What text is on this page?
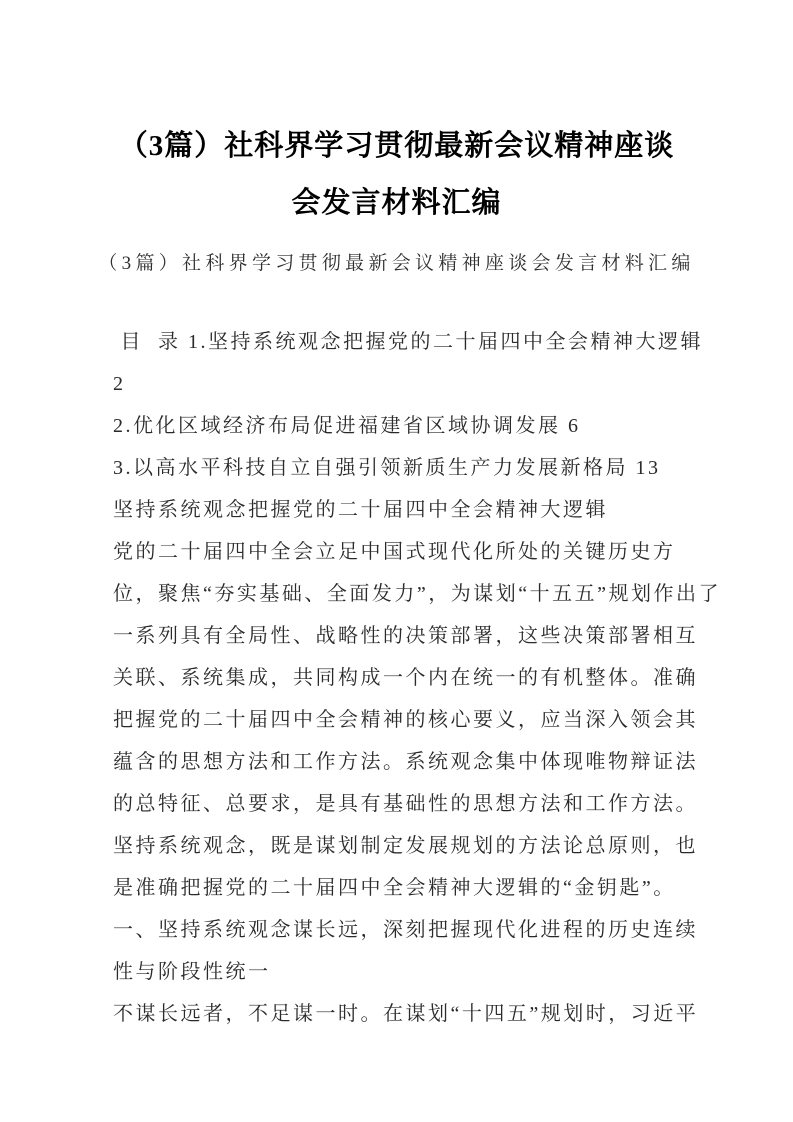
（3篇）社科界学习贯彻最新会议精神座谈
会发言材料汇编
（3篇）社科界学习贯彻最新会议精神座谈会发言材料汇编
目  录 1.坚持系统观念把握党的二十届四中全会精神大逻辑
2
2.优化区域经济布局促进福建省区域协调发展 6
3.以高水平科技自立自强引领新质生产力发展新格局 13
坚持系统观念把握党的二十届四中全会精神大逻辑
党的二十届四中全会立足中国式现代化所处的关键历史方
位，聚焦“夯实基础、全面发力”，为谋划“十五五”规划作出了
一系列具有全局性、战略性的决策部署，这些决策部署相互
关联、系统集成，共同构成一个内在统一的有机整体。准确
把握党的二十届四中全会精神的核心要义，应当深入领会其
蕴含的思想方法和工作方法。系统观念集中体现唯物辩证法
的总特征、总要求，是具有基础性的思想方法和工作方法。
坚持系统观念，既是谋划制定发展规划的方法论总原则，也
是准确把握党的二十届四中全会精神大逻辑的“金钥匙”。
一、坚持系统观念谋长远，深刻把握现代化进程的历史连续
性与阶段性统一
不谋长远者，不足谋一时。在谋划“十四五”规划时，习近平
